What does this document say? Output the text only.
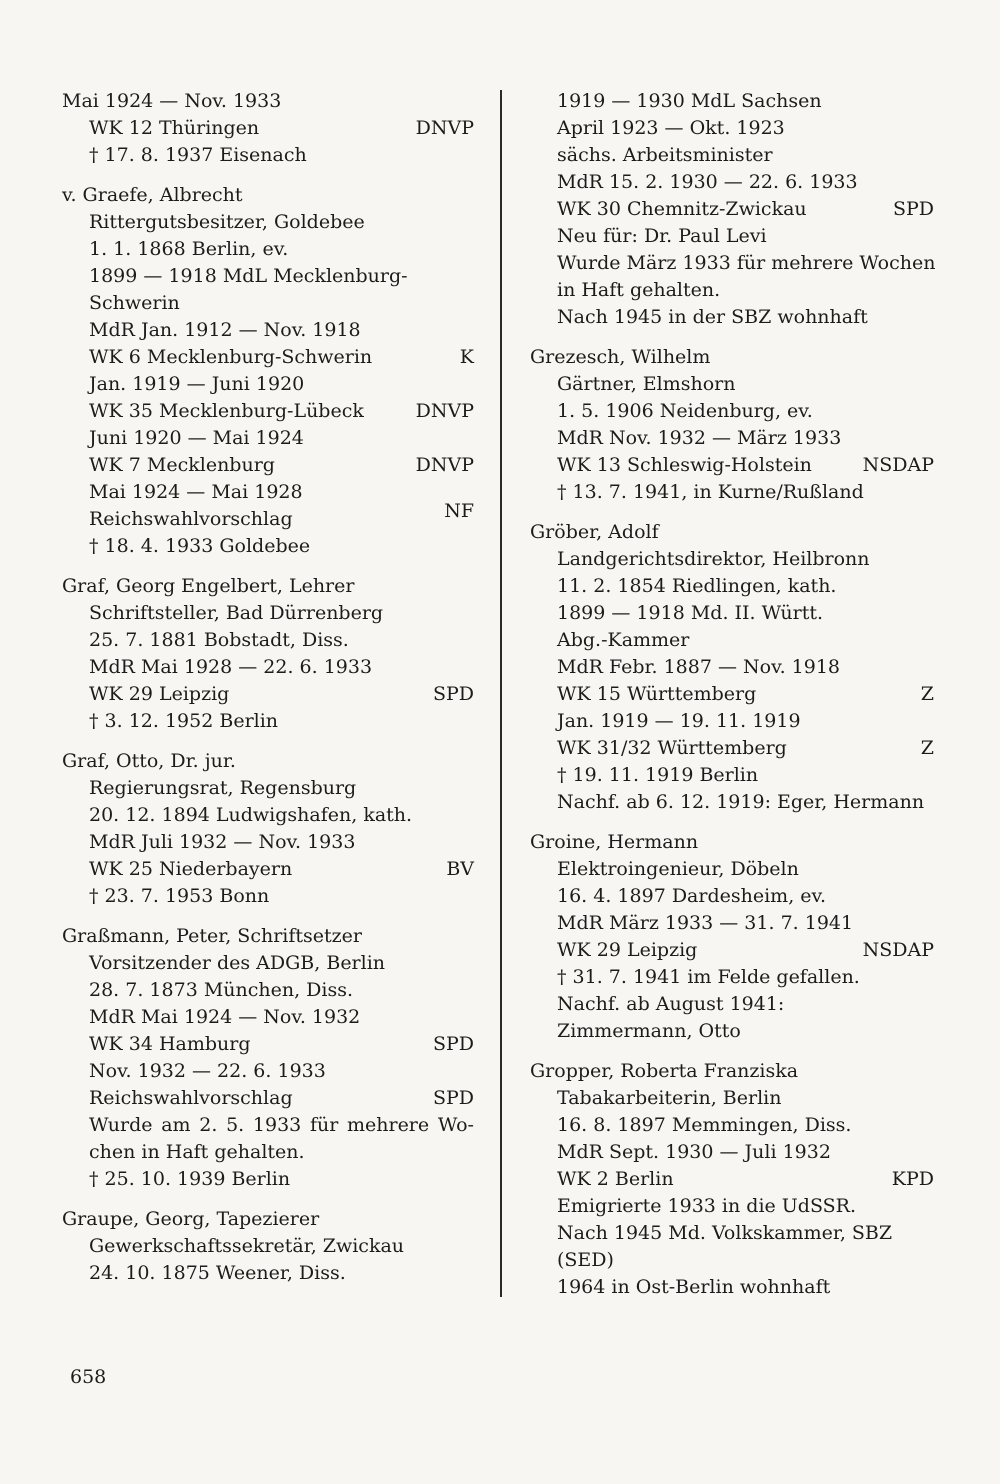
Mai 1924 — Nov. 1933
WK 12 Thüringen	DNVP
† 17. 8. 1937 Eisenach
v. Graefe, Albrecht
Rittergutsbesitzer, Goldebee
1. 1. 1868 Berlin, ev.
1899 — 1918 MdL Mecklenburg-
Schwerin
MdR Jan. 1912 — Nov. 1918
WK 6 Mecklenburg-Schwerin	K
Jan. 1919 — Juni 1920
WK 35 Mecklenburg-Lübeck	DNVP
Juni 1920 — Mai 1924
WK 7 Mecklenburg	DNVP
Mai 1924 — Mai 1928
Reichswahlvorschlag	NF
† 18. 4. 1933 Goldebee
Graf, Georg Engelbert, Lehrer
Schriftsteller, Bad Dürrenberg
25. 7. 1881 Bobstadt, Diss.
MdR Mai 1928 — 22. 6. 1933
WK 29 Leipzig	SPD
† 3. 12. 1952 Berlin
Graf, Otto, Dr. jur.
Regierungsrat, Regensburg
20. 12. 1894 Ludwigshafen, kath.
MdR Juli 1932 — Nov. 1933
WK 25 Niederbayern	BV
† 23. 7. 1953 Bonn
Graßmann, Peter, Schriftsetzer
Vorsitzender des ADGB, Berlin
28. 7. 1873 München, Diss.
MdR Mai 1924 — Nov. 1932
WK 34 Hamburg	SPD
Nov. 1932 — 22. 6. 1933
Reichswahlvorschlag	SPD
Wurde am 2. 5. 1933 für mehrere Wo-
chen in Haft gehalten.
† 25. 10. 1939 Berlin
Graupe, Georg, Tapezierer
Gewerkschaftssekretär, Zwickau
24. 10. 1875 Weener, Diss.
1919 — 1930 MdL Sachsen
April 1923 — Okt. 1923
sächs. Arbeitsminister
MdR 15. 2. 1930 — 22. 6. 1933
WK 30 Chemnitz-Zwickau	SPD
Neu für: Dr. Paul Levi
Wurde März 1933 für mehrere Wochen
in Haft gehalten.
Nach 1945 in der SBZ wohnhaft
Grezesch, Wilhelm
Gärtner, Elmshorn
1. 5. 1906 Neidenburg, ev.
MdR Nov. 1932 — März 1933
WK 13 Schleswig-Holstein	NSDAP
† 13. 7. 1941, in Kurne/Rußland
Gröber, Adolf
Landgerichtsdirektor, Heilbronn
11. 2. 1854 Riedlingen, kath.
1899 — 1918 Md. II. Württ.
Abg.-Kammer
MdR Febr. 1887 — Nov. 1918
WK 15 Württemberg	Z
Jan. 1919 — 19. 11. 1919
WK 31/32 Württemberg	Z
† 19. 11. 1919 Berlin
Nachf. ab 6. 12. 1919: Eger, Hermann
Groine, Hermann
Elektroingenieur, Döbeln
16. 4. 1897 Dardesheim, ev.
MdR März 1933 — 31. 7. 1941
WK 29 Leipzig	NSDAP
† 31. 7. 1941 im Felde gefallen.
Nachf. ab August 1941:
Zimmermann, Otto
Gropper, Roberta Franziska
Tabakarbeiterin, Berlin
16. 8. 1897 Memmingen, Diss.
MdR Sept. 1930 — Juli 1932
WK 2 Berlin	KPD
Emigrierte 1933 in die UdSSR.
Nach 1945 Md. Volkskammer, SBZ
(SED)
1964 in Ost-Berlin wohnhaft
658
